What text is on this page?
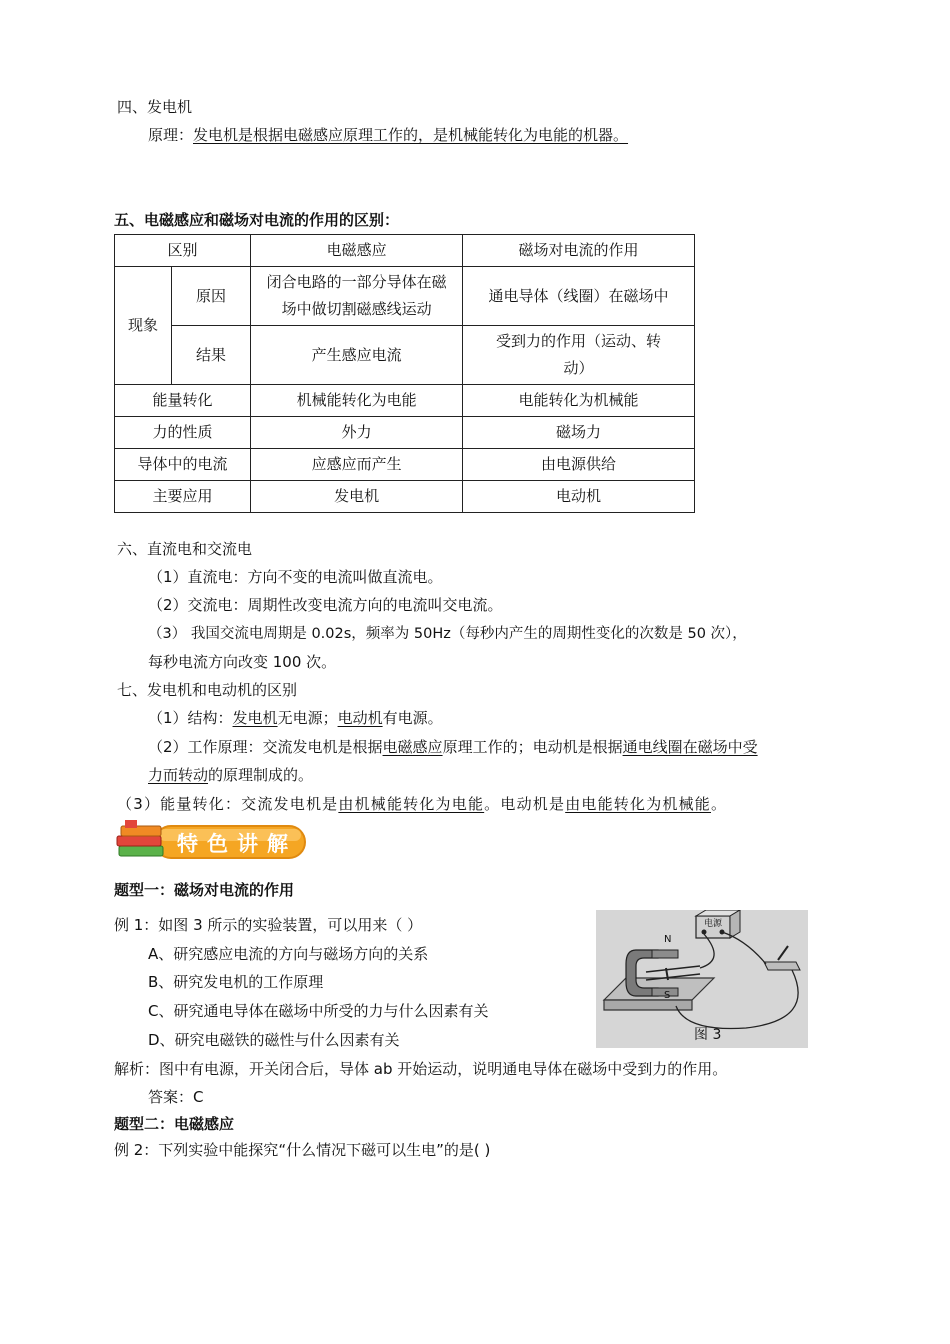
四、发电机
原理：发电机是根据电磁感应原理工作的，是机械能转化为电能的机器。
五、电磁感应和磁场对电流的作用的区别：
区别		电磁感应	磁场对电流的作用
现象	原因	闭合电路的一部分导体在磁场中做切割磁感线运动	通电导体（线圈）在磁场中
	结果	产生感应电流	受到力的作用（运动、转动）
能量转化		机械能转化为电能	电能转化为机械能
力的性质		外力	磁场力
导体中的电流		应感应而产生	由电源供给
主要应用		发电机	电动机
六、直流电和交流电
（1）直流电：方向不变的电流叫做直流电。
（2）交流电：周期性改变电流方向的电流叫交电流。
（3） 我国交流电周期是 0.02s，频率为 50Hz（每秒内产生的周期性变化的次数是 50 次），
每秒电流方向改变 100 次。
七、发电机和电动机的区别
（1）结构：发电机无电源；电动机有电源。
（2）工作原理：交流发电机是根据电磁感应原理工作的；电动机是根据通电线圈在磁场中受
力而转动的原理制成的。
（3）能量转化：交流发电机是由机械能转化为电能。电动机是由电能转化为机械能。
特色讲解
题型一：磁场对电流的作用
例 1：如图 3 所示的实验装置，可以用来（ ）
A、研究感应电流的方向与磁场方向的关系
B、研究发电机的工作原理
C、研究通电导体在磁场中所受的力与什么因素有关
D、研究电磁铁的磁性与什么因素有关
电源
N
S
图 3
解析：图中有电源，开关闭合后，导体 ab 开始运动，说明通电导体在磁场中受到力的作用。
答案：C
题型二：电磁感应
例 2：下列实验中能探究“什么情况下磁可以生电”的是( )
